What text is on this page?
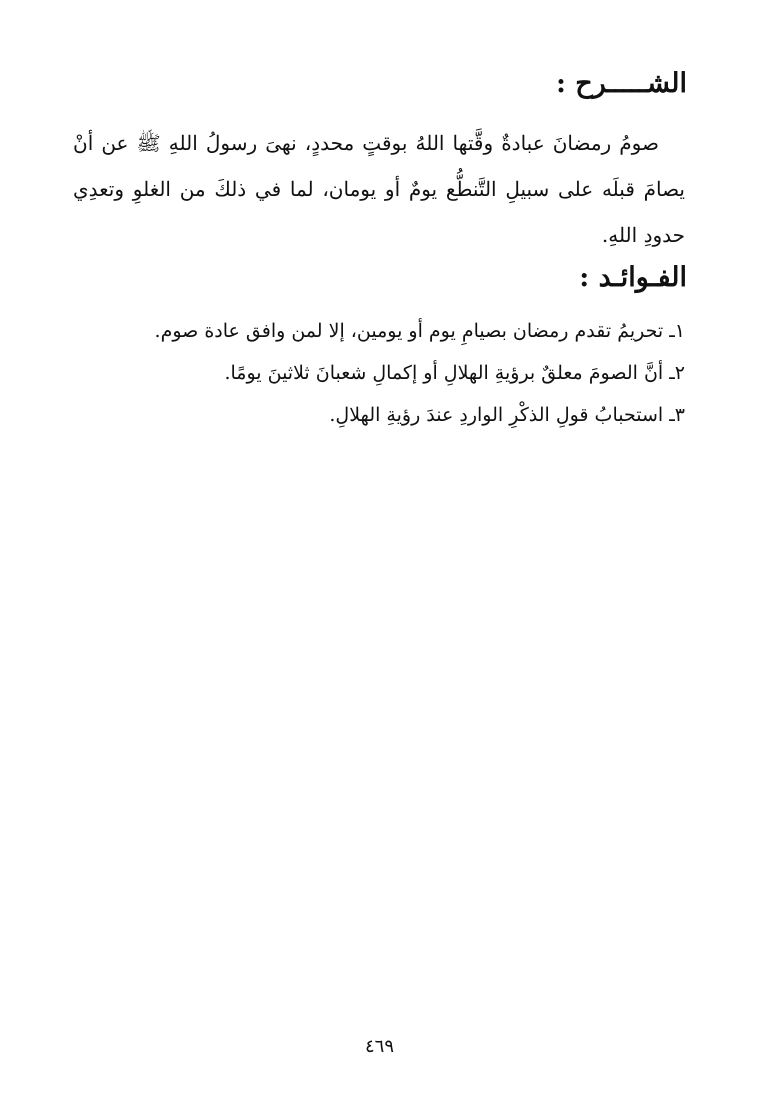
الشـــــرح :

صومُ رمضانَ عبادةٌ وقَّتها اللهُ بوقتٍ محددٍ، نهىَ رسولُ اللهِ ﷺ عن أنْ يصامَ قبلَه على سبيلِ التَّنطُّع يومٌ أو يومان، لما في ذلكَ من الغلوِ وتعدِي حدودِ اللهِ.

الفـوائـد :
١ـ تحريمُ تقدم رمضان بصيامِ يوم أو يومين، إلا لمن وافق عادة صوم.
٢ـ أنَّ الصومَ معلقٌ برؤيةِ الهلالِ أو إكمالِ شعبانَ ثلاثينَ يومًا.
٣ـ استحبابُ قولِ الذكْرِ الواردِ عندَ رؤيةِ الهلالِ.
٤٦٩
